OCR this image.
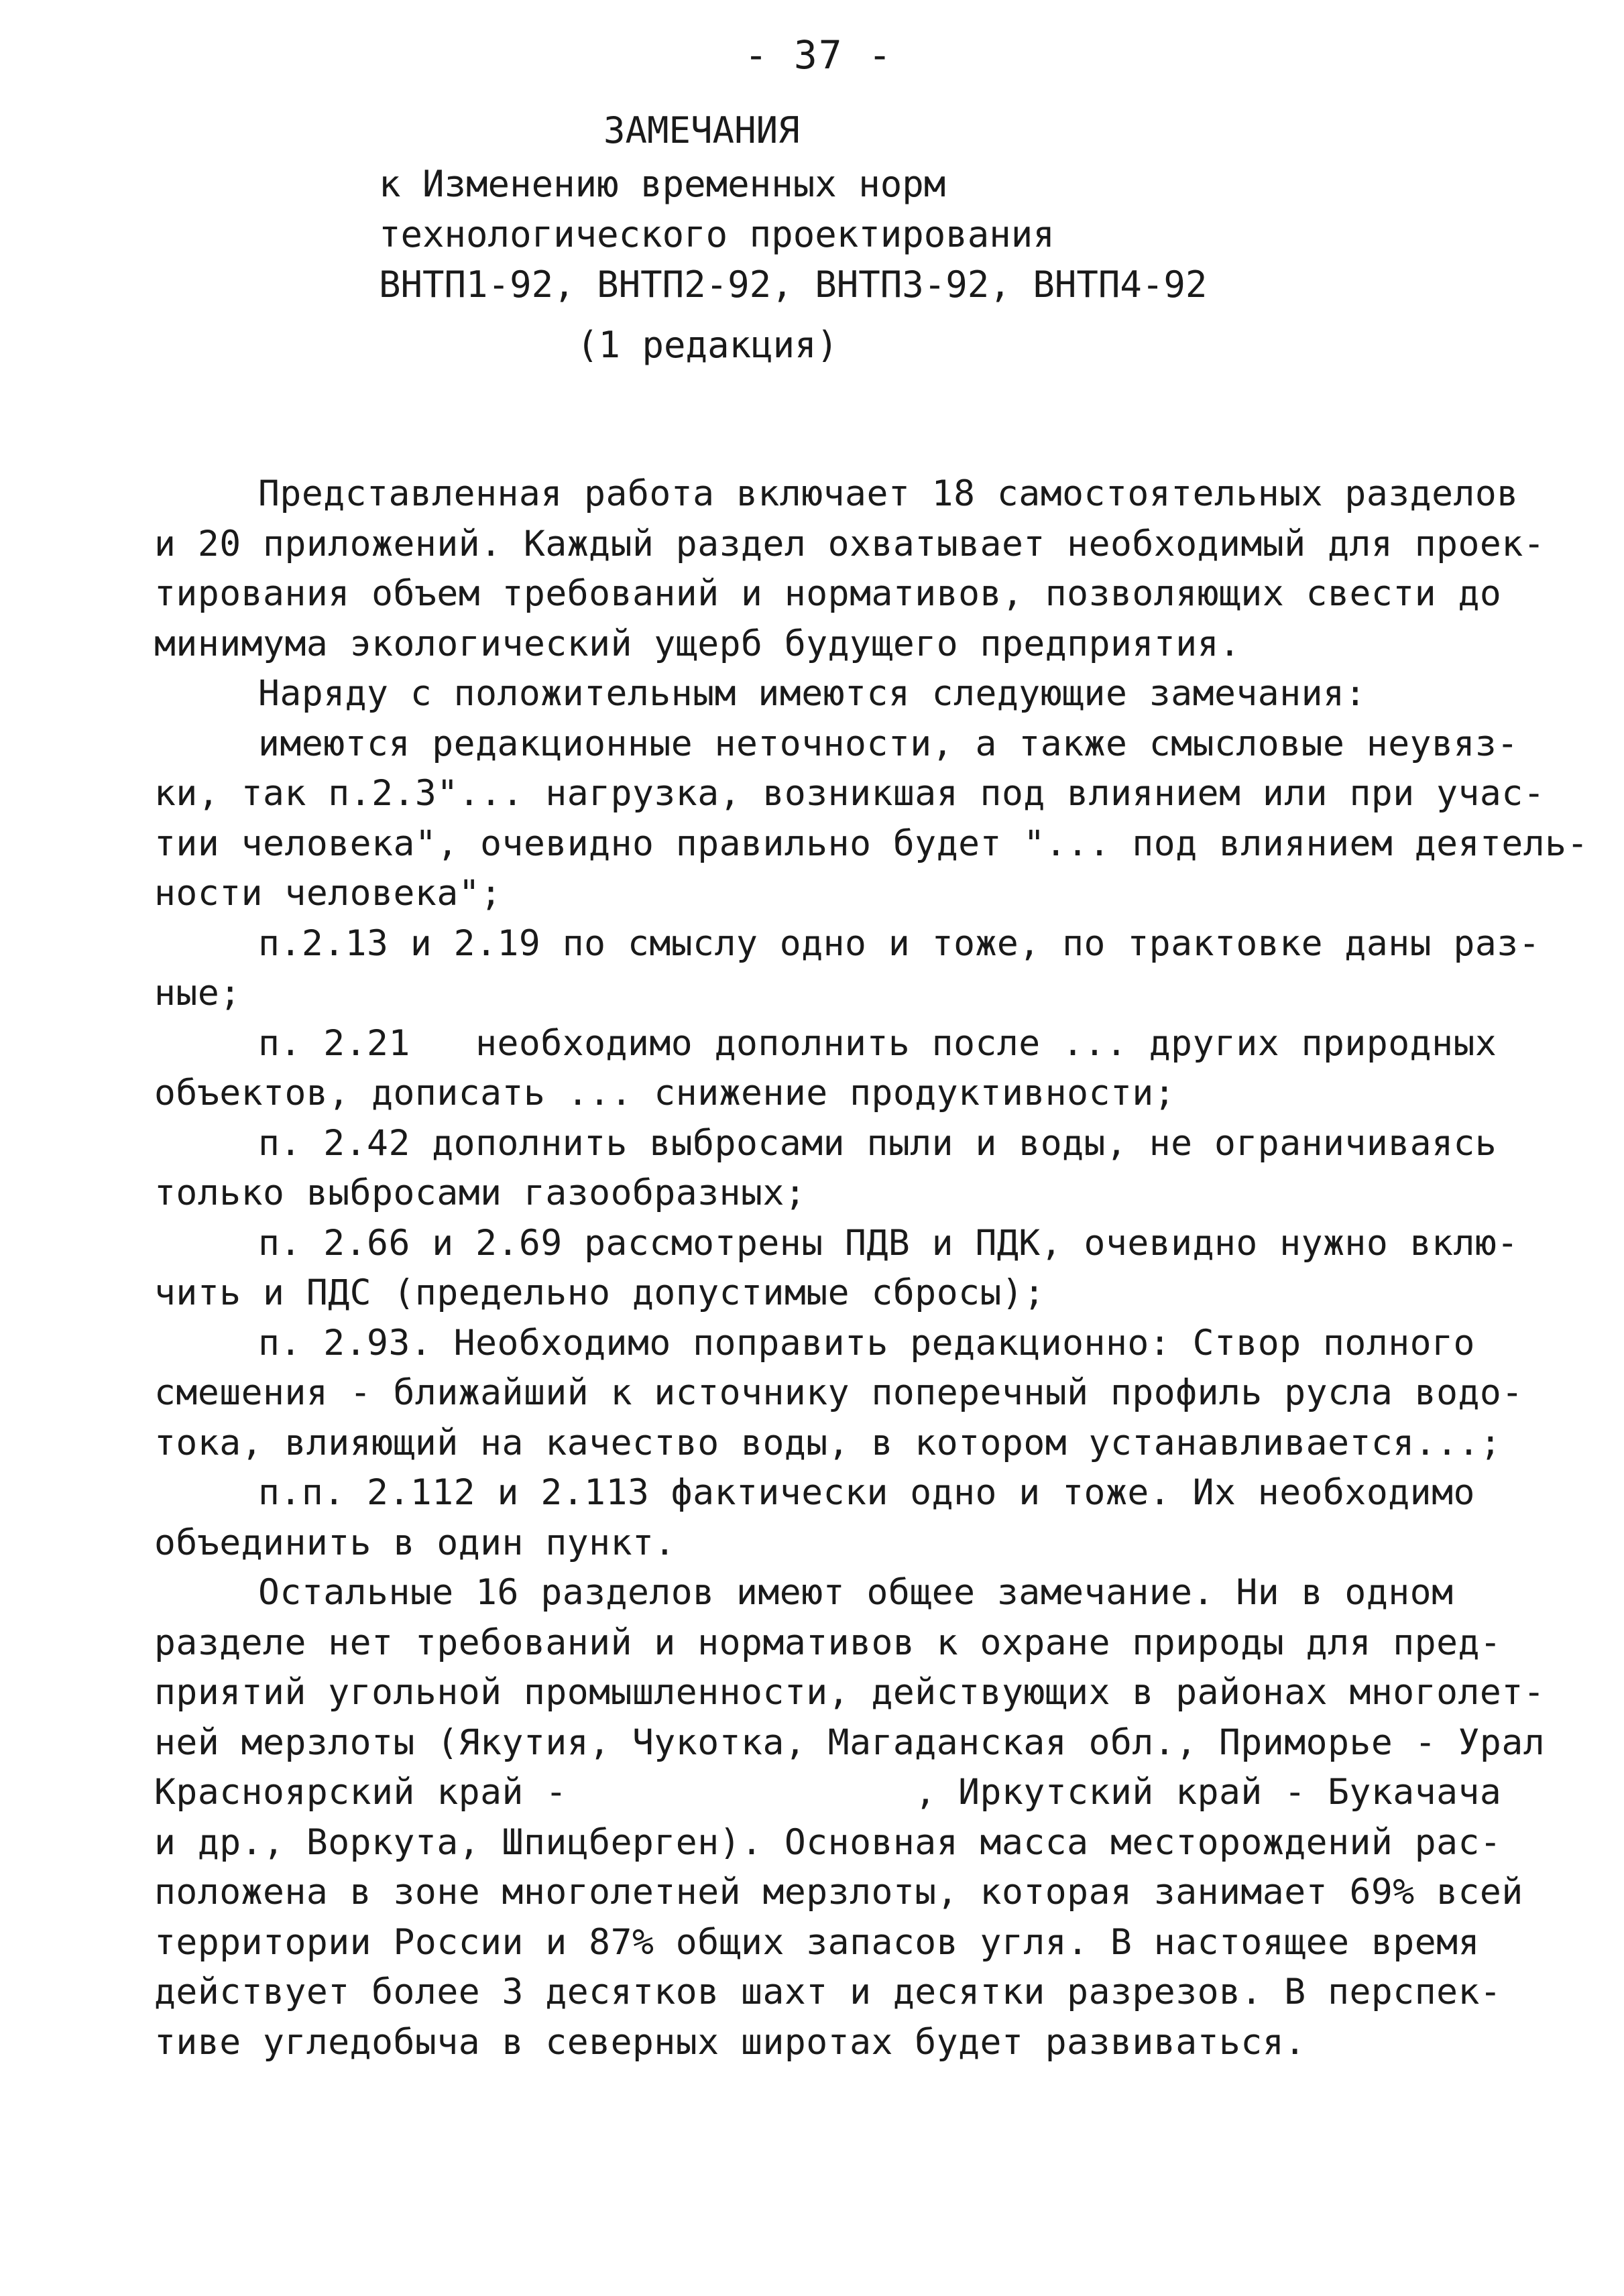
- 37 -
ЗАМЕЧАНИЯ
к Изменению временных норм
технологического проектирования
ВНТП1-92, ВНТП2-92, ВНТП3-92, ВНТП4-92
(1 редакция)
Представленная работа включает 18 самостоятельных разделов
и 20 приложений. Каждый раздел охватывает необходимый для проек-
тирования объем требований и нормативов, позволяющих свести до
минимума экологический ущерб будущего предприятия.
Наряду с положительным имеются следующие замечания:
имеются редакционные неточности, а также смысловые неувяз-
ки, так п.2.3"... нагрузка, возникшая под влиянием или при учас-
тии человека", очевидно правильно будет "... под влиянием деятель-
ности человека";
п.2.13 и 2.19 по смыслу одно и тоже, по трактовке даны раз-
ные;
п. 2.21   необходимо дополнить после ... других природных
объектов, дописать ... снижение продуктивности;
п. 2.42 дополнить выбросами пыли и воды, не ограничиваясь
только выбросами газообразных;
п. 2.66 и 2.69 рассмотрены ПДВ и ПДК, очевидно нужно вклю-
чить и ПДС (предельно допустимые сбросы);
п. 2.93. Необходимо поправить редакционно: Створ полного
смешения - ближайший к источнику поперечный профиль русла водо-
тока, влияющий на качество воды, в котором устанавливается...;
п.п. 2.112 и 2.113 фактически одно и тоже. Их необходимо
объединить в один пункт.
Остальные 16 разделов имеют общее замечание. Ни в одном
разделе нет требований и нормативов к охране природы для пред-
приятий угольной промышленности, действующих в районах многолет-
ней мерзлоты (Якутия, Чукотка, Магаданская обл., Приморье - Урал
Красноярский край -                , Иркутский край - Букачача
и др., Воркута, Шпицберген). Основная масса месторождений рас-
положена в зоне многолетней мерзлоты, которая занимает 69% всей
территории России и 87% общих запасов угля. В настоящее время
действует более 3 десятков шахт и десятки разрезов. В перспек-
тиве угледобыча в северных широтах будет развиваться.
